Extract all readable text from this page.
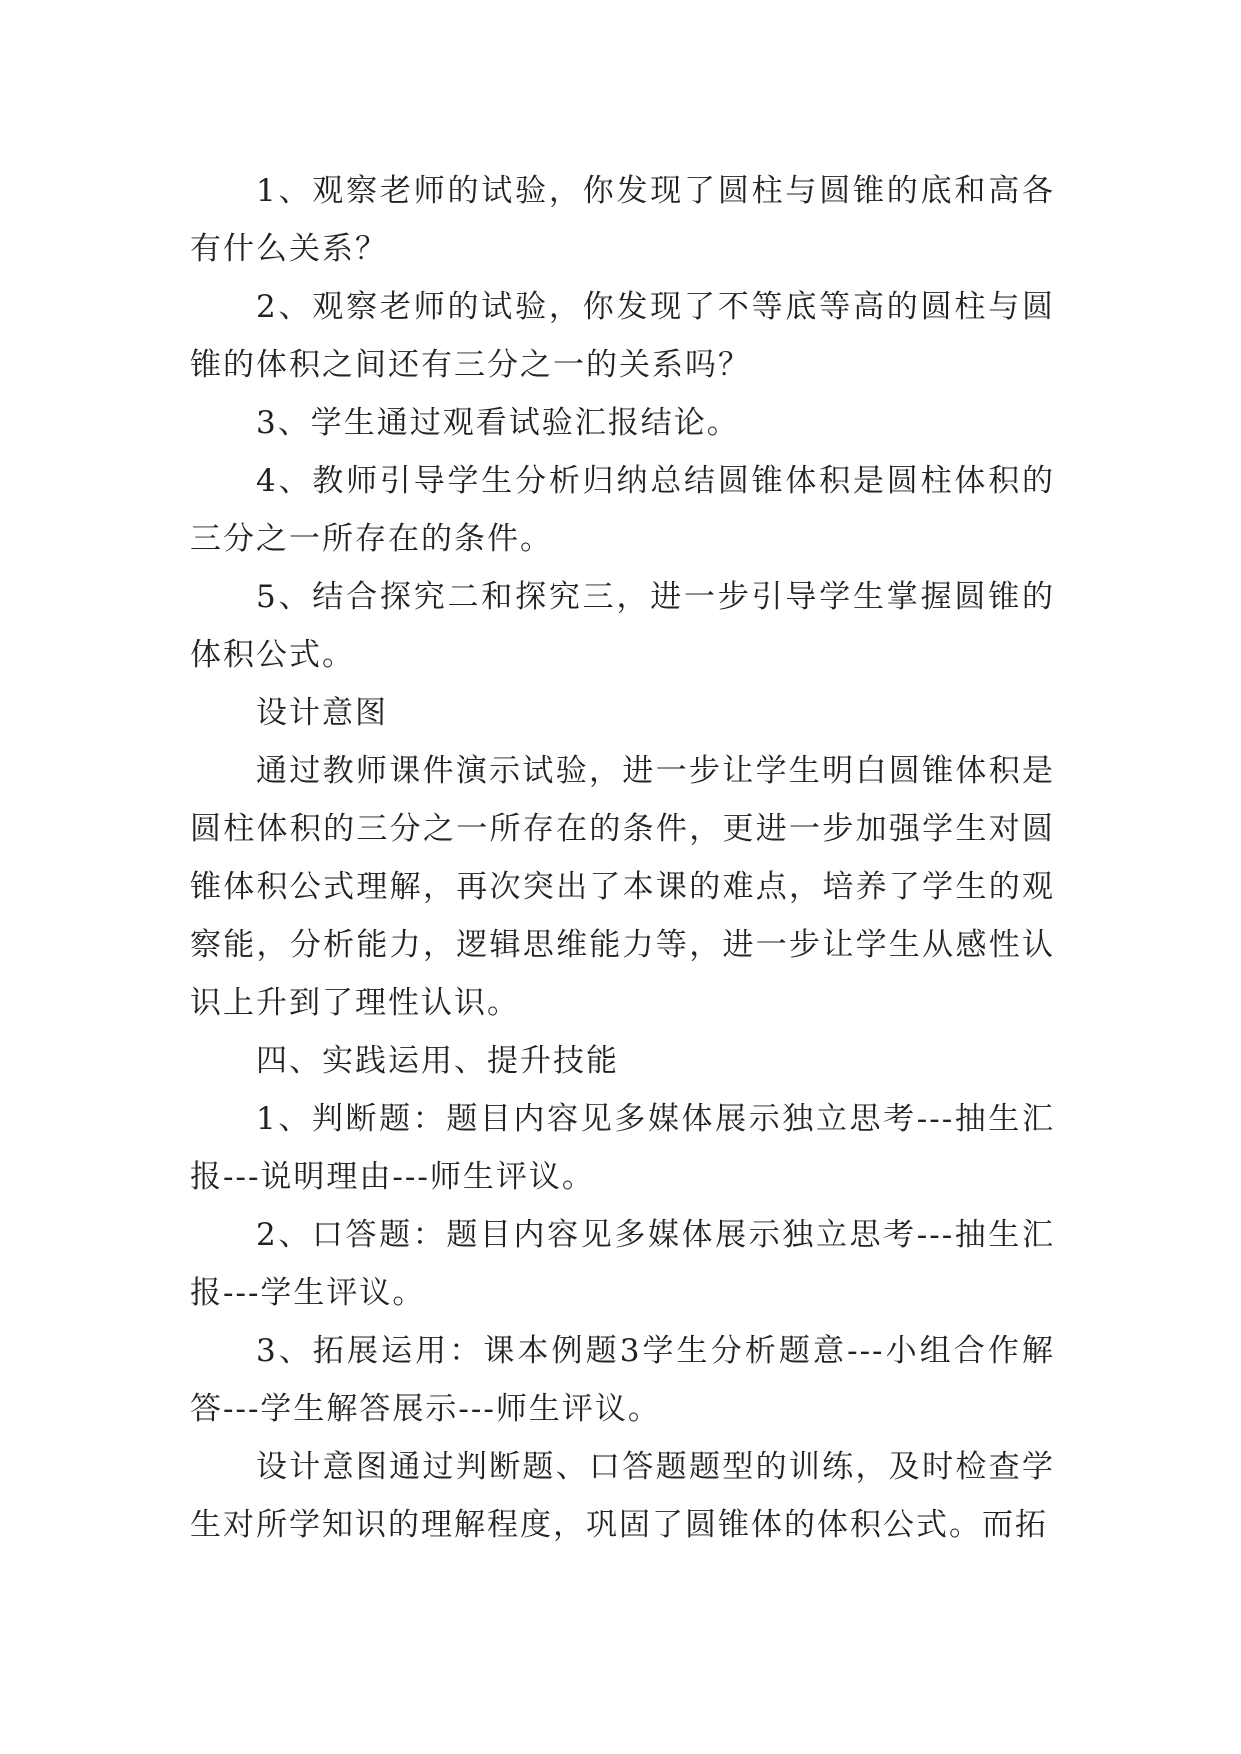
1、观察老师的试验，你发现了圆柱与圆锥的底和高各有什么关系？

2、观察老师的试验，你发现了不等底等高的圆柱与圆锥的体积之间还有三分之一的关系吗？

3、学生通过观看试验汇报结论。

4、教师引导学生分析归纳总结圆锥体积是圆柱体积的三分之一所存在的条件。

5、结合探究二和探究三，进一步引导学生掌握圆锥的体积公式。

设计意图

通过教师课件演示试验，进一步让学生明白圆锥体积是圆柱体积的三分之一所存在的条件，更进一步加强学生对圆锥体积公式理解，再次突出了本课的难点，培养了学生的观察能，分析能力，逻辑思维能力等，进一步让学生从感性认识上升到了理性认识。

四、实践运用、提升技能

1、判断题：题目内容见多媒体展示独立思考---抽生汇报---说明理由---师生评议。

2、口答题：题目内容见多媒体展示独立思考---抽生汇报---学生评议。

3、拓展运用：课本例题3学生分析题意---小组合作解答---学生解答展示---师生评议。

设计意图通过判断题、口答题题型的训练，及时检查学生对所学知识的理解程度，巩固了圆锥体的体积公式。而拓
